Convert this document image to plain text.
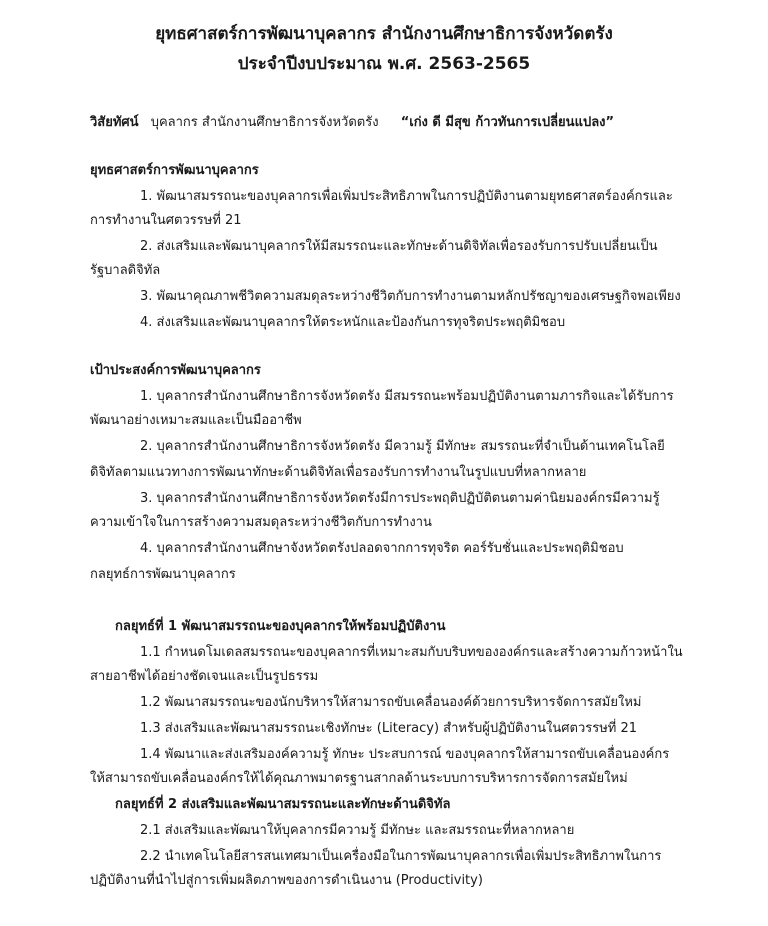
ยุทธศาสตร์การพัฒนาบุคลากร สำนักงานศึกษาธิการจังหวัดตรัง
ประจำปีงบประมาณ พ.ศ. 2563-2565
วิสัยทัศน์ บุคลากร สำนักงานศึกษาธิการจังหวัดตรัง “เก่ง ดี มีสุข ก้าวทันการเปลี่ยนแปลง”
ยุทธศาสตร์การพัฒนาบุคลากร
1. พัฒนาสมรรถนะของบุคลากรเพื่อเพิ่มประสิทธิภาพในการปฏิบัติงานตามยุทธศาสตร์องค์กรและ
การทำงานในศตวรรษที่ 21
2. ส่งเสริมและพัฒนาบุคลากรให้มีสมรรถนะและทักษะด้านดิจิทัลเพื่อรองรับการปรับเปลี่ยนเป็น
รัฐบาลดิจิทัล
3. พัฒนาคุณภาพชีวิตความสมดุลระหว่างชีวิตกับการทำงานตามหลักปรัชญาของเศรษฐกิจพอเพียง
4. ส่งเสริมและพัฒนาบุคลากรให้ตระหนักและป้องกันการทุจริตประพฤติมิชอบ
เป้าประสงค์การพัฒนาบุคลากร
1. บุคลากรสำนักงานศึกษาธิการจังหวัดตรัง มีสมรรถนะพร้อมปฏิบัติงานตามภารกิจและได้รับการ
พัฒนาอย่างเหมาะสมและเป็นมืออาชีพ
2. บุคลากรสำนักงานศึกษาธิการจังหวัดตรัง มีความรู้ มีทักษะ สมรรถนะที่จำเป็นด้านเทคโนโลยี
ดิจิทัลตามแนวทางการพัฒนาทักษะด้านดิจิทัลเพื่อรองรับการทำงานในรูปแบบที่หลากหลาย
3. บุคลากรสำนักงานศึกษาธิการจังหวัดตรังมีการประพฤติปฏิบัติตนตามค่านิยมองค์กรมีความรู้
ความเข้าใจในการสร้างความสมดุลระหว่างชีวิตกับการทำงาน
4. บุคลากรสำนักงานศึกษาจังหวัดตรังปลอดจากการทุจริต คอร์รับชั่นและประพฤติมิชอบ
กลยุทธ์การพัฒนาบุคลากร
กลยุทธ์ที่ 1 พัฒนาสมรรถนะของบุคลากรให้พร้อมปฏิบัติงาน
1.1 กำหนดโมเดลสมรรถนะของบุคลากรที่เหมาะสมกับบริบทขององค์กรและสร้างความก้าวหน้าใน
สายอาชีพได้อย่างชัดเจนและเป็นรูปธรรม
1.2 พัฒนาสมรรถนะของนักบริหารให้สามารถขับเคลื่อนองค์ด้วยการบริหารจัดการสมัยใหม่
1.3 ส่งเสริมและพัฒนาสมรรถนะเชิงทักษะ (Literacy) สำหรับผู้ปฏิบัติงานในศตวรรษที่ 21
1.4 พัฒนาและส่งเสริมองค์ความรู้ ทักษะ ประสบการณ์ ของบุคลากรให้สามารถขับเคลื่อนองค์กร
ให้สามารถขับเคลื่อนองค์กรให้ได้คุณภาพมาตรฐานสากลด้านระบบการบริหารการจัดการสมัยใหม่
กลยุทธ์ที่ 2 ส่งเสริมและพัฒนาสมรรถนะและทักษะด้านดิจิทัล
2.1 ส่งเสริมและพัฒนาให้บุคลากรมีความรู้ มีทักษะ และสมรรถนะที่หลากหลาย
2.2 นำเทคโนโลยีสารสนเทศมาเป็นเครื่องมือในการพัฒนาบุคลากรเพื่อเพิ่มประสิทธิภาพในการ
ปฏิบัติงานที่นำไปสู่การเพิ่มผลิตภาพของการดำเนินงาน (Productivity)
